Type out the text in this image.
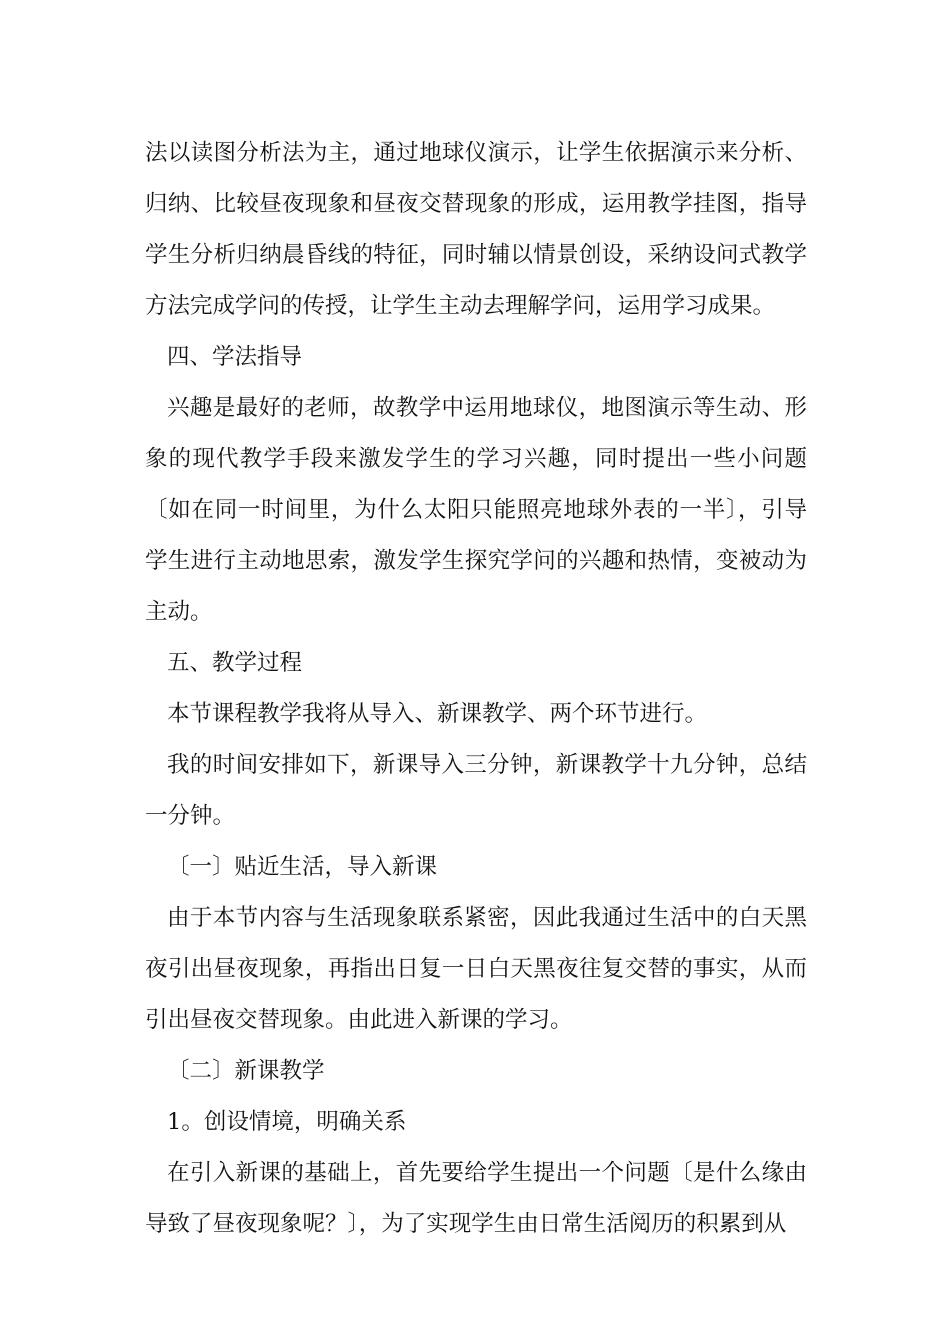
法以读图分析法为主，通过地球仪演示，让学生依据演示来分析、归纳、比较昼夜现象和昼夜交替现象的形成，运用教学挂图，指导学生分析归纳晨昏线的特征，同时辅以情景创设，采纳设问式教学方法完成学问的传授，让学生主动去理解学问，运用学习成果。

四、学法指导

兴趣是最好的老师，故教学中运用地球仪，地图演示等生动、形象的现代教学手段来激发学生的学习兴趣，同时提出一些小问题〔如在同一时间里，为什么太阳只能照亮地球外表的一半〕，引导学生进行主动地思索，激发学生探究学问的兴趣和热情，变被动为主动。

五、教学过程

本节课程教学我将从导入、新课教学、两个环节进行。

我的时间安排如下，新课导入三分钟，新课教学十九分钟，总结一分钟。

〔一〕贴近生活，导入新课

由于本节内容与生活现象联系紧密，因此我通过生活中的白天黑夜引出昼夜现象，再指出日复一日白天黑夜往复交替的事实，从而引出昼夜交替现象。由此进入新课的学习。

〔二〕新课教学

1。创设情境，明确关系

在引入新课的基础上，首先要给学生提出一个问题〔是什么缘由导致了昼夜现象呢？〕，为了实现学生由日常生活阅历的积累到从
